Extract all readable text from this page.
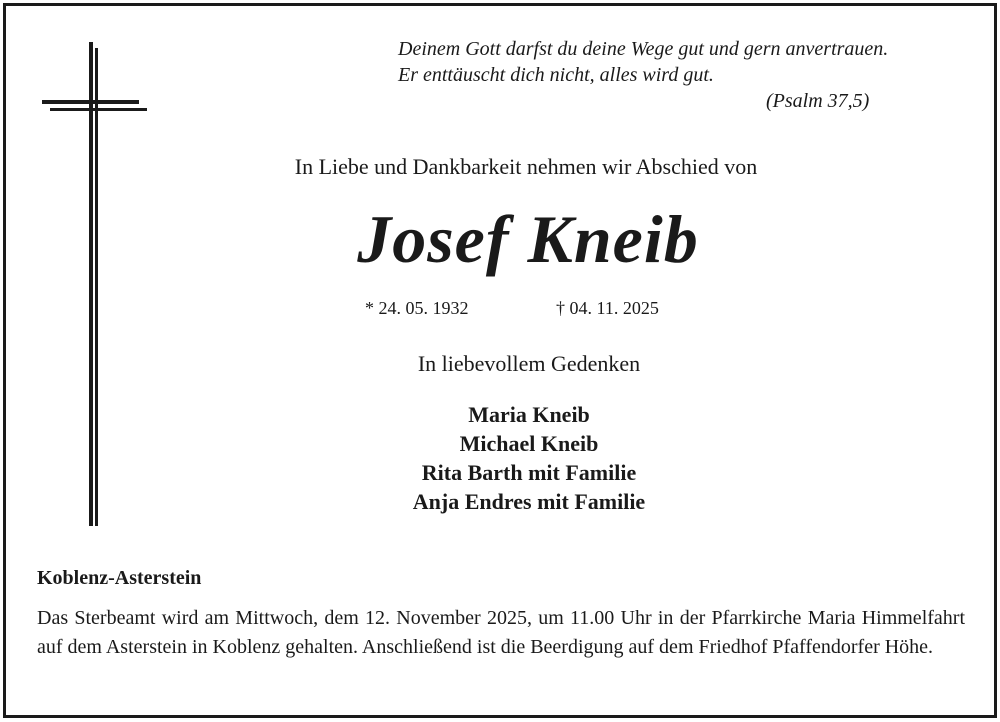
Deinem Gott darfst du deine Wege gut und gern anvertrauen.
Er enttäuscht dich nicht, alles wird gut.
(Psalm 37,5)
In Liebe und Dankbarkeit nehmen wir Abschied von
Josef Kneib
* 24. 05. 1932	† 04. 11. 2025
In liebevollem Gedenken
Maria Kneib
Michael Kneib
Rita Barth mit Familie
Anja Endres mit Familie
Koblenz-Asterstein
Das Sterbeamt wird am Mittwoch, dem 12. November 2025, um 11.00 Uhr in der Pfarrkirche Maria Himmelfahrt auf dem Asterstein in Koblenz gehalten. Anschließend ist die Beerdigung auf dem Friedhof Pfaffendorfer Höhe.
